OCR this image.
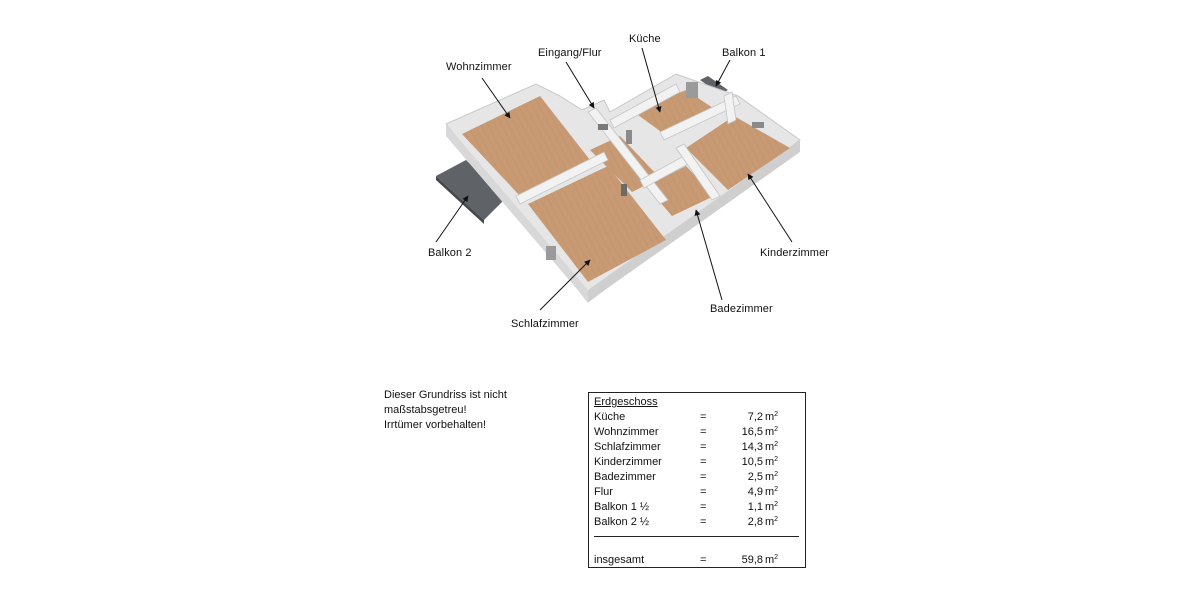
Wohnzimmer
Eingang/Flur
Küche
Balkon 1
Balkon 2	Kinderzimmer
Badezimmer
Schlafzimmer
Dieser Grundriss ist nicht
maßstabsgetreu!
Irrtümer vorbehalten!
Erdgeschoss
Küche	=	7,2 $m^2$
Wohnzimmer	=	16,5 $m^2$
Schlafzimmer	=	14,3 $m^2$
Kinderzimmer	=	10,5 $m^2$
Badezimmer	=	2,5 $m^2$
Flur	=	4,9 $m^2$
Balkon 1 ½	=	1,1 $m^2$
Balkon 2 ½	=	2,8 $m^2$
insgesamt	=	59,8 $m^2$
